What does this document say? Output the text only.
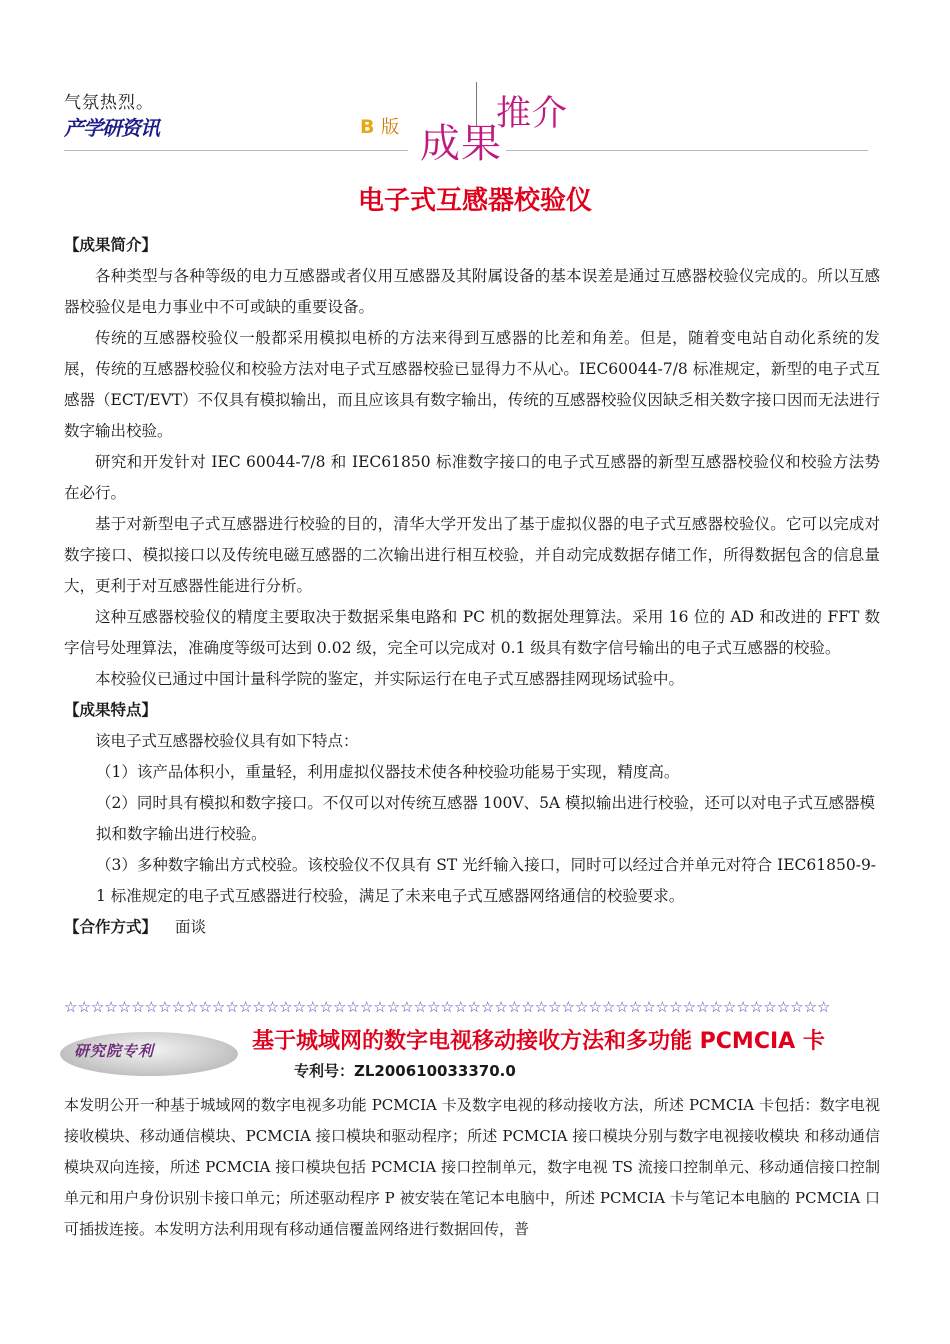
气氛热烈。
产学研资讯	B 版 成果
推介
电子式互感器校验仪
【成果简介】

各种类型与各种等级的电力互感器或者仪用互感器及其附属设备的基本误差是通过互感器校验仪完成的。所以互感器校验仪是电力事业中不可或缺的重要设备。

传统的互感器校验仪一般都采用模拟电桥的方法来得到互感器的比差和角差。但是，随着变电站自动化系统的发展，传统的互感器校验仪和校验方法对电子式互感器校验已显得力不从心。IEC60044-7/8 标准规定，新型的电子式互感器（ECT/EVT）不仅具有模拟输出，而且应该具有数字输出，传统的互感器校验仪因缺乏相关数字接口因而无法进行数字输出校验。

研究和开发针对 IEC 60044-7/8 和 IEC61850 标准数字接口的电子式互感器的新型互感器校验仪和校验方法势在必行。

基于对新型电子式互感器进行校验的目的，清华大学开发出了基于虚拟仪器的电子式互感器校验仪。它可以完成对数字接口、模拟接口以及传统电磁互感器的二次输出进行相互校验，并自动完成数据存储工作，所得数据包含的信息量大，更利于对互感器性能进行分析。

这种互感器校验仪的精度主要取决于数据采集电路和 PC 机的数据处理算法。采用 16 位的 AD 和改进的 FFT 数字信号处理算法，准确度等级可达到 0.02 级，完全可以完成对 0.1 级具有数字信号输出的电子式互感器的校验。

本校验仪已通过中国计量科学院的鉴定，并实际运行在电子式互感器挂网现场试验中。

【成果特点】

该电子式互感器校验仪具有如下特点：

（1）该产品体积小，重量轻，利用虚拟仪器技术使各种校验功能易于实现，精度高。

（2）同时具有模拟和数字接口。不仅可以对传统互感器 100V、5A 模拟输出进行校验，还可以对电子式互感器模拟和数字输出进行校验。

（3）多种数字输出方式校验。该校验仪不仅具有 ST 光纤输入接口，同时可以经过合并单元对符合 IEC61850-9-1 标准规定的电子式互感器进行校验，满足了未来电子式互感器网络通信的校验要求。

【合作方式】 面谈
☆☆☆☆☆☆☆☆☆☆☆☆☆☆☆☆☆☆☆☆☆☆☆☆☆☆☆☆☆☆☆☆☆☆☆☆☆☆☆☆☆☆☆☆☆☆☆☆☆☆☆☆☆☆☆☆☆
研究院专利	基于城域网的数字电视移动接收方法和多功能 PCMCIA 卡
专利号：ZL200610033370.0
本发明公开一种基于城域网的数字电视多功能 PCMCIA 卡及数字电视的移动接收方法，所述 PCMCIA 卡包括：数字电视接收模块、移动通信模块、PCMCIA 接口模块和驱动程序；所述 PCMCIA 接口模块分别与数字电视接收模块 和移动通信模块双向连接，所述 PCMCIA 接口模块包括 PCMCIA 接口控制单元，数字电视 TS 流接口控制单元、移动通信接口控制单元和用户身份识别卡接口单元；所述驱动程序 P 被安装在笔记本电脑中，所述 PCMCIA 卡与笔记本电脑的 PCMCIA 口可插拔连接。本发明方法利用现有移动通信覆盖网络进行数据回传，普
